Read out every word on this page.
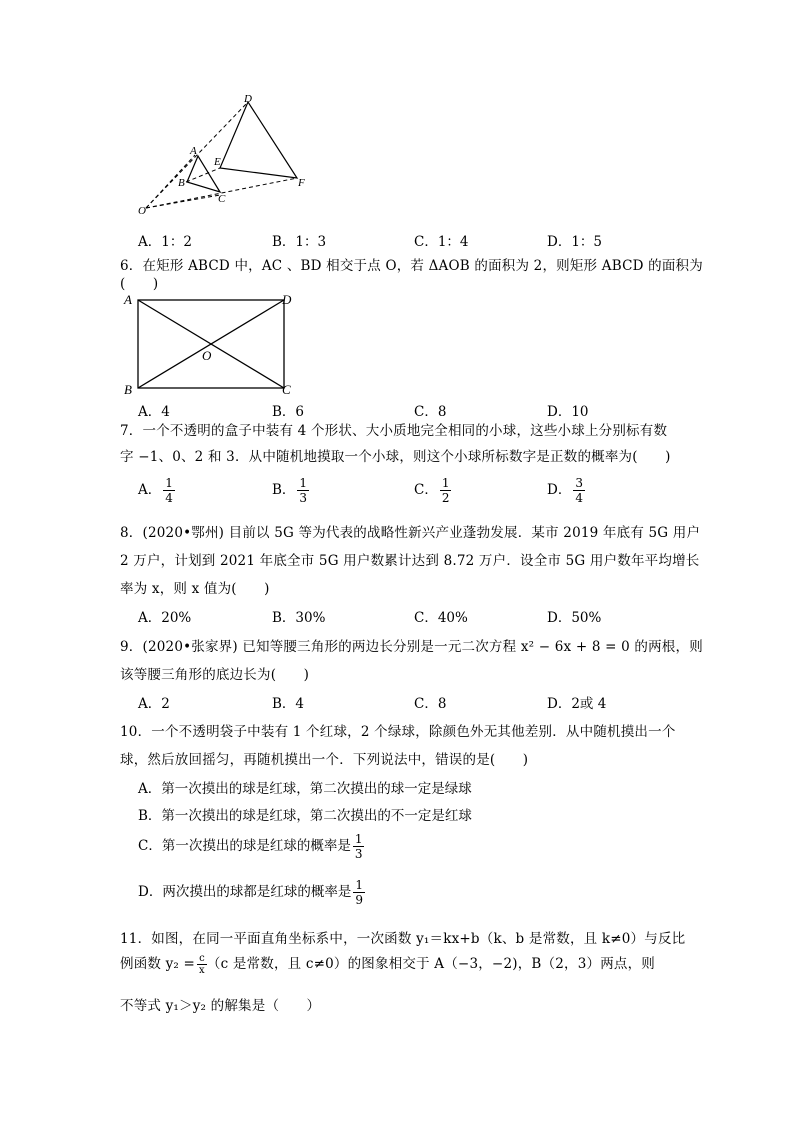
D
A
E
B
C
F
O
A．1：2	B．1：3	C．1：4	D．1：5
6．在矩形 ABCD 中，AC 、BD 相交于点 O，若 ΔAOB 的面积为 2，则矩形 ABCD 的面积为
(　　)
A	D
O
B	C
A．4	B．6	C．8	D．10
7．一个不透明的盒子中装有 4 个形状、大小质地完全相同的小球，这些小球上分别标有数
字 −1、0、2 和 3．从中随机地摸取一个小球，则这个小球所标数字是正数的概率为(　　)
A． $\frac{1}{4}$	B． $\frac{1}{3}$	C． $\frac{1}{2}$	D． $\frac{3}{4}$
8．(2020•鄂州) 目前以 5G 等为代表的战略性新兴产业蓬勃发展．某市 2019 年底有 5G 用户
2 万户，计划到 2021 年底全市 5G 用户数累计达到 8.72 万户．设全市 5G 用户数年平均增长
率为 x，则 x 值为(　　)
A．20%	B．30%	C．40%	D．50%
9．(2020•张家界) 已知等腰三角形的两边长分别是一元二次方程 x² − 6x + 8 = 0 的两根，则
该等腰三角形的底边长为(　　)
A．2	B．4	C．8	D．2或 4
10．一个不透明袋子中装有 1 个红球，2 个绿球，除颜色外无其他差别．从中随机摸出一个
球，然后放回摇匀，再随机摸出一个．下列说法中，错误的是(　　)
A．第一次摸出的球是红球，第二次摸出的球一定是绿球
B．第一次摸出的球是红球，第二次摸出的不一定是红球
C．第一次摸出的球是红球的概率是 $\frac{1}{3}$
D．两次摸出的球都是红球的概率是 $\frac{1}{9}$
11．如图，在同一平面直角坐标系中，一次函数 y₁＝kx+b（k、b 是常数，且 k≠0）与反比
例函数 $y_2 = \frac{c}{x} (c$ 是常数，且 c≠0）的图象相交于 A（−3，−2)，B（2，3）两点，则
不等式 y₁＞y₂ 的解集是（　　）
